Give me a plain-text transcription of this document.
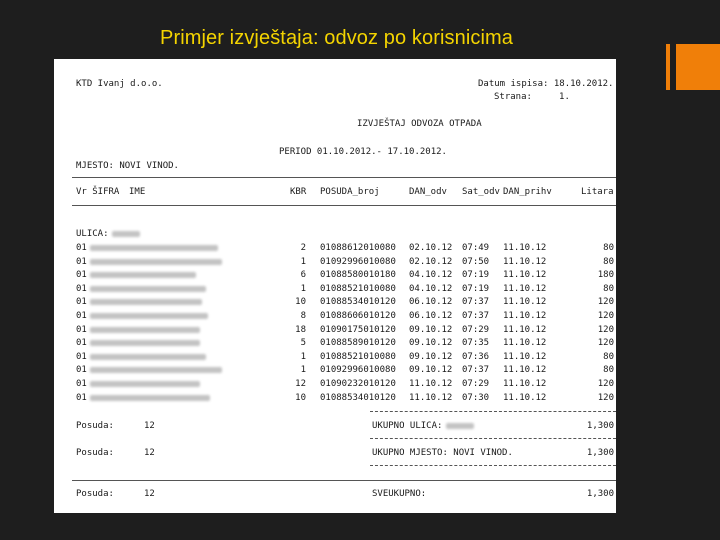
Primjer izvještaja: odvoz po korisnicima
KTD Ivanj d.o.o.	Datum ispisa: 18.10.2012.
Strana:     1.
IZVJEŠTAJ ODVOZA OTPADA
PERIOD 01.10.2012.- 17.10.2012.
MJESTO: NOVI VINOD.
Vr ŠIFRA IME	KBR POSUDA_broj	DAN_odv Sat_odv DAN_prihv	Litara
ULICA:
01	2 01088612010080 02.10.12 07:49 11.10.12	80
01	1 01092996010080 02.10.12 07:50 11.10.12	80
01	6 01088580010180 04.10.12 07:19 11.10.12	180
01	1 01088521010080 04.10.12 07:19 11.10.12	80
01	10 01088534010120 06.10.12 07:37 11.10.12	120
01	8 01088606010120 06.10.12 07:37 11.10.12	120
01	18 01090175010120 09.10.12 07:29 11.10.12	120
01	5 01088589010120 09.10.12 07:35 11.10.12	120
01	1 01088521010080 09.10.12 07:36 11.10.12	80
01	1 01092996010080 09.10.12 07:37 11.10.12	80
01	12 01090232010120 11.10.12 07:29 11.10.12	120
01	10 01088534010120 11.10.12 07:30 11.10.12	120
Posuda:	12	UKUPNO ULICA:	1,300
Posuda:	12	UKUPNO MJESTO: NOVI VINOD.	1,300
Posuda:	12	SVEUKUPNO:	1,300
